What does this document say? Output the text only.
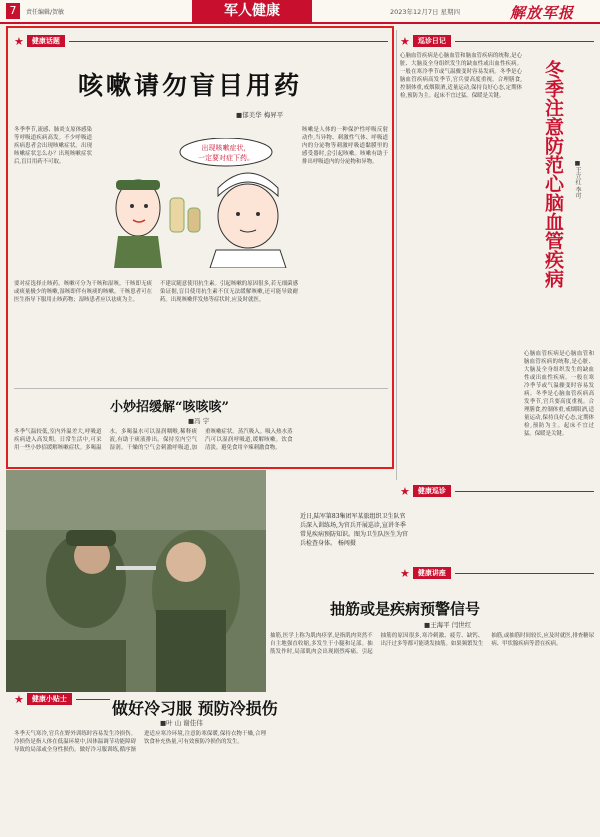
7	责任编辑/贺敏	军人健康	2023年12月7日 星期四	解放军报
★	健康话题
咳嗽请勿盲目用药
■郁美华 梅昇平
冬季季节,流感、肺炎支原体感染等呼吸道疾病高发。不少呼吸道疾病患者会出现咳嗽症状。出现咳嗽症状怎么办？出现咳嗽症状后,盲目用药不可取。
咳嗽是人体的一种保护性呼吸反射动作,当异物、刺激性气体、呼吸道内的分泌物等刺激呼吸道黏膜里的感受器时,会引起咳嗽。咳嗽有助于排出呼吸道内的分泌物和异物。
要对症选择止咳药。咳嗽可分为干咳和湿咳。干咳即无痰或痰量极少的咳嗽,湿咳即伴有咳痰的咳嗽。干咳患者可在医生指导下服用止咳药物；湿咳患者应以祛痰为主。
不建议随意使用抗生素。引起咳嗽的原因很多,若无细菌感染证据,盲目使用抗生素不仅无法缓解咳嗽,还可能导致耐药。出现咳嗽伴发热等症状时,应及时就医。
出现咳嗽症状，
一定要对症下药。
小妙招缓解“咳咳咳”
■冯 宇
冬季气温较低,室内外温差大,呼吸道疾病进入高发期。日常生活中,可采用一些小妙招缓解咳嗽症状。多喝温水。多喝温水可以湿润咽喉,稀释痰液,有助于痰液排出。保持室内空气湿润。干燥的空气会刺激呼吸道,加重咳嗽症状。蒸汽吸入。吸入热水蒸汽可以湿润呼吸道,缓解咳嗽。饮食清淡。避免食用辛辣刺激食物。
★	巡诊日记
心脑血管疾病是心脑血管和脑血管疾病的统称,是心脏、大脑及全身组织发生的缺血性或出血性疾病。一般在寒冷季节或气温骤变时容易发病。冬季是心脑血管疾病高发季节,官兵要高度重视。合理膳食,控制体重,戒烟限酒,适量运动,保持良好心态,定期体检,预防为主。起床不宜过猛。保暖是关键。	冬季注意防范心脑血管疾病 ■王立红 李可
心脑血管疾病是心脑血管和脑血管疾病的统称,是心脏、大脑及全身组织发生的缺血性或出血性疾病。一般在寒冷季节或气温骤变时容易发病。冬季是心脑血管疾病高发季节,官兵要高度重视。合理膳食,控制体重,戒烟限酒,适量运动,保持良好心态,定期体检,预防为主。起床不宜过猛。保暖是关键。
★	健康巡诊
近日,陆军第83集团军某旅组织卫生队官兵深入训练场,为官兵开展巡诊,宣讲冬季常见疾病预防知识。图为卫生队医生为官兵检查身体。 杨闯摄
★	健康讲座
抽筋或是疾病预警信号
■王海平 闫世红
抽筋,医学上称为肌肉痉挛,是指肌肉突然不自主地强直收缩,多发生于小腿和足部。抽筋发作时,局部肌肉会出现剧烈疼痛。引起抽筋的原因很多,寒冷刺激、疲劳、缺钙、出汗过多等都可能诱发抽筋。如果频繁发生抽筋,或抽筋时间较长,应及时就医,排查糖尿病、甲状腺疾病等潜在疾病。
★	健康小贴士	做好冷习服 预防冷损伤
■叶 山 谢佳伟
冬季天气寒冷,官兵在野外训练时容易发生冷损伤。冷损伤是指人体在低温环境中,因体温调节功能障碍导致的局部或全身性损伤。做好冷习服训练,循序渐进适应寒冷环境,注意防寒保暖,保持衣物干燥,合理饮食补充热量,可有效预防冷损伤的发生。
